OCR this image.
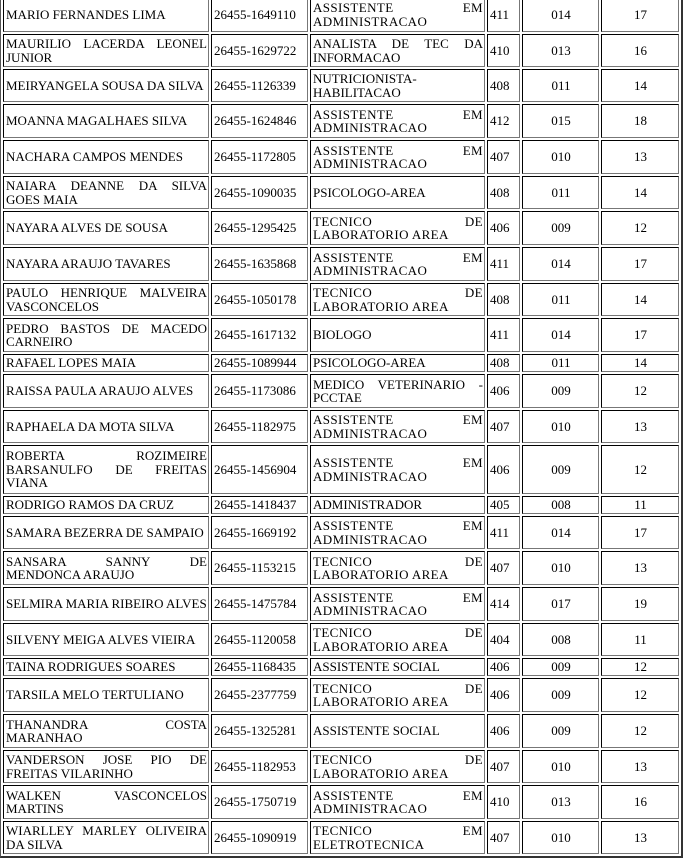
MARIO FERNANDES LIMA	26455-1649110	ASSISTENTE EM ADMINISTRACAO	411	014	17
MAURILIO LACERDA LEONEL JUNIOR	26455-1629722	ANALISTA DE TEC DA INFORMACAO	410	013	16
MEIRYANGELA SOUSA DA SILVA	26455-1126339	NUTRICIONISTA-HABILITACAO	408	011	14
MOANNA MAGALHAES SILVA	26455-1624846	ASSISTENTE EM ADMINISTRACAO	412	015	18
NACHARA CAMPOS MENDES	26455-1172805	ASSISTENTE EM ADMINISTRACAO	407	010	13
NAIARA DEANNE DA SILVA GOES MAIA	26455-1090035	PSICOLOGO-AREA	408	011	14
NAYARA ALVES DE SOUSA	26455-1295425	TECNICO DE LABORATORIO AREA	406	009	12
NAYARA ARAUJO TAVARES	26455-1635868	ASSISTENTE EM ADMINISTRACAO	411	014	17
PAULO HENRIQUE MALVEIRA VASCONCELOS	26455-1050178	TECNICO DE LABORATORIO AREA	408	011	14
PEDRO BASTOS DE MACEDO CARNEIRO	26455-1617132	BIOLOGO	411	014	17
RAFAEL LOPES MAIA	26455-1089944	PSICOLOGO-AREA	408	011	14
RAISSA PAULA ARAUJO ALVES	26455-1173086	MEDICO VETERINARIO - PCCTAE	406	009	12
RAPHAELA DA MOTA SILVA	26455-1182975	ASSISTENTE EM ADMINISTRACAO	407	010	13
ROBERTA ROZIMEIRE BARSANULFO DE FREITAS VIANA	26455-1456904	ASSISTENTE EM ADMINISTRACAO	406	009	12
RODRIGO RAMOS DA CRUZ	26455-1418437	ADMINISTRADOR	405	008	11
SAMARA BEZERRA DE SAMPAIO	26455-1669192	ASSISTENTE EM ADMINISTRACAO	411	014	17
SANSARA SANNY DE MENDONCA ARAUJO	26455-1153215	TECNICO DE LABORATORIO AREA	407	010	13
SELMIRA MARIA RIBEIRO ALVES	26455-1475784	ASSISTENTE EM ADMINISTRACAO	414	017	19
SILVENY MEIGA ALVES VIEIRA	26455-1120058	TECNICO DE LABORATORIO AREA	404	008	11
TAINA RODRIGUES SOARES	26455-1168435	ASSISTENTE SOCIAL	406	009	12
TARSILA MELO TERTULIANO	26455-2377759	TECNICO DE LABORATORIO AREA	406	009	12
THANANDRA COSTA MARANHAO	26455-1325281	ASSISTENTE SOCIAL	406	009	12
VANDERSON JOSE PIO DE FREITAS VILARINHO	26455-1182953	TECNICO DE LABORATORIO AREA	407	010	13
WALKEN VASCONCELOS MARTINS	26455-1750719	ASSISTENTE EM ADMINISTRACAO	410	013	16
WIARLLEY MARLEY OLIVEIRA DA SILVA	26455-1090919	TECNICO EM ELETROTECNICA	407	010	13
